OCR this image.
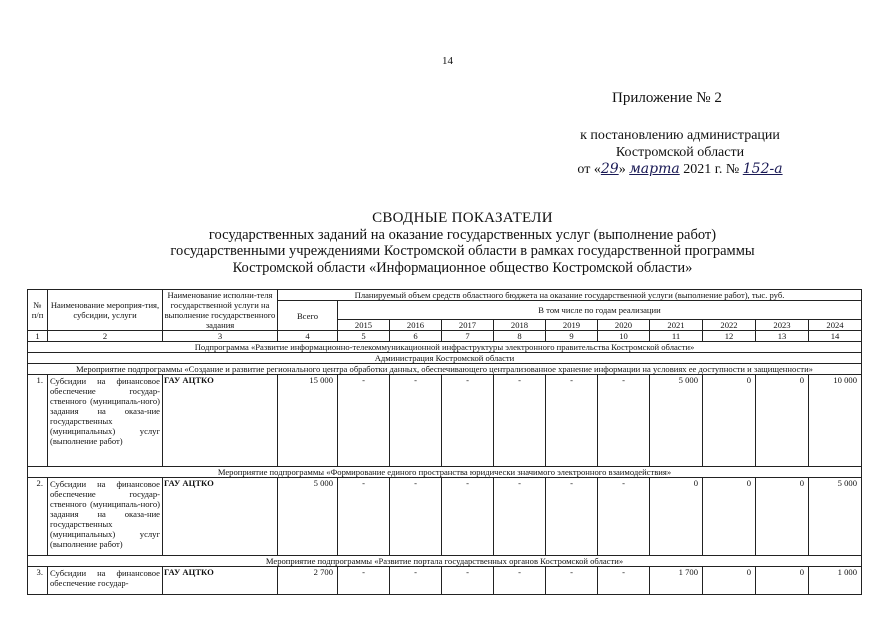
14
Приложение № 2
к постановлению администрации
Костромской области
от «29» марта 2021 г. № 152-а
СВОДНЫЕ ПОКАЗАТЕЛИ
государственных заданий на оказание государственных услуг (выполнение работ)
государственными учреждениями Костромской области в рамках государственной программы
Костромской области «Информационное общество Костромской области»
№ п/п	Наименование мероприя-тия, субсидии, услуги	Наименование исполни-теля государственной услуги на выполнение государственного задания	Планируемый объем средств областного бюджета на оказание государственной услуги (выполнение работ), тыс. руб.										
			Всего	В том числе по годам реализации									
				2015	2016	2017	2018	2019	2020	2021	2022	2023	2024
1	2	3	4	5	6	7	8	9	10	11	12	13	14
Подпрограмма «Развитие информационно-телекоммуникационной инфраструктуры электронного правительства Костромской области»													
Администрация Костромской области													
Мероприятие подпрограммы «Создание и развитие регионального центра обработки данных, обеспечивающего централизованное хранение информации на условиях ее доступности и защищенности»													
1.	Субсидии на финансовое обеспечение государ-ственного (муниципаль-ного) задания на оказа-ние государственных (муниципальных) услуг (выполнение работ)	ГАУ АЦТКО	15 000	-	-	-	-	-	-	5 000	0	0	10 000
Мероприятие подпрограммы «Формирование единого пространства юридически значимого электронного взаимодействия»													
2.	Субсидии на финансовое обеспечение государ-ственного (муниципаль-ного) задания на оказа-ние государственных (муниципальных) услуг (выполнение работ)	ГАУ АЦТКО	5 000	-	-	-	-	-	-	0	0	0	5 000
Мероприятие подпрограммы «Развитие портала государственных органов Костромской области»													
3.	Субсидии на финансовое обеспечение государ-	ГАУ АЦТКО	2 700	-	-	-	-	-	-	1 700	0	0	1 000
